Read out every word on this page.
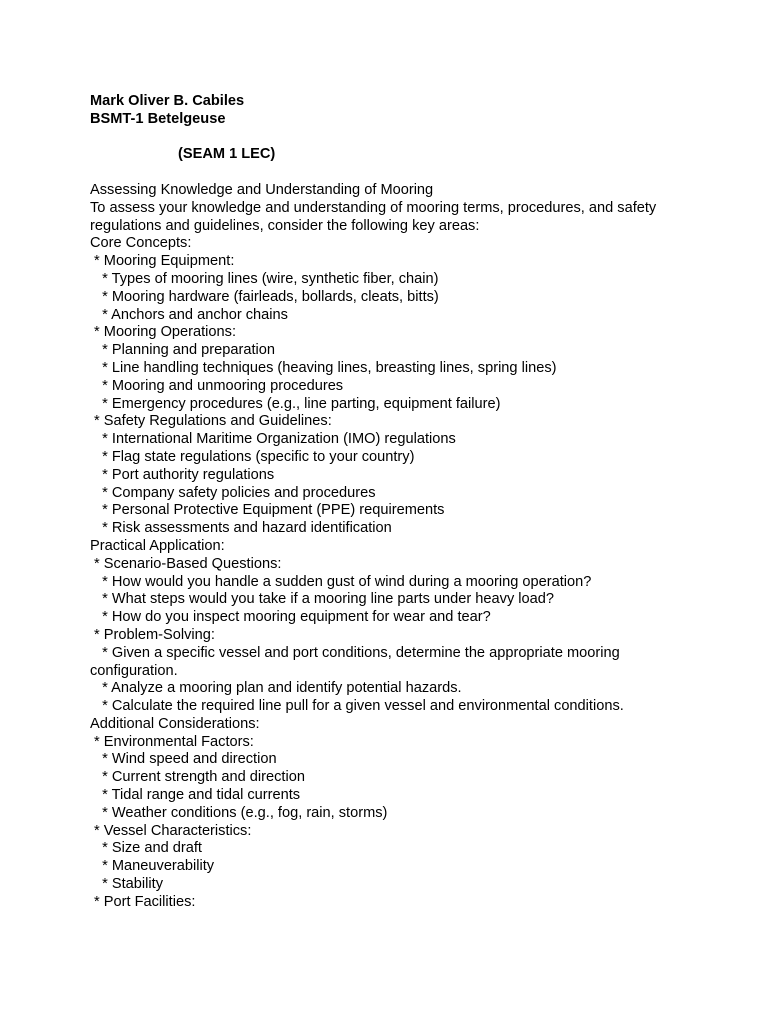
Mark Oliver B. Cabiles
BSMT-1 Betelgeuse
(SEAM 1 LEC)
Assessing Knowledge and Understanding of Mooring
To assess your knowledge and understanding of mooring terms, procedures, and safety
regulations and guidelines, consider the following key areas:
Core Concepts:
* Mooring Equipment:
* Types of mooring lines (wire, synthetic fiber, chain)
* Mooring hardware (fairleads, bollards, cleats, bitts)
* Anchors and anchor chains
* Mooring Operations:
* Planning and preparation
* Line handling techniques (heaving lines, breasting lines, spring lines)
* Mooring and unmooring procedures
* Emergency procedures (e.g., line parting, equipment failure)
* Safety Regulations and Guidelines:
* International Maritime Organization (IMO) regulations
* Flag state regulations (specific to your country)
* Port authority regulations
* Company safety policies and procedures
* Personal Protective Equipment (PPE) requirements
* Risk assessments and hazard identification
Practical Application:
* Scenario-Based Questions:
* How would you handle a sudden gust of wind during a mooring operation?
* What steps would you take if a mooring line parts under heavy load?
* How do you inspect mooring equipment for wear and tear?
* Problem-Solving:
* Given a specific vessel and port conditions, determine the appropriate mooring
configuration.
* Analyze a mooring plan and identify potential hazards.
* Calculate the required line pull for a given vessel and environmental conditions.
Additional Considerations:
* Environmental Factors:
* Wind speed and direction
* Current strength and direction
* Tidal range and tidal currents
* Weather conditions (e.g., fog, rain, storms)
* Vessel Characteristics:
* Size and draft
* Maneuverability
* Stability
* Port Facilities:
